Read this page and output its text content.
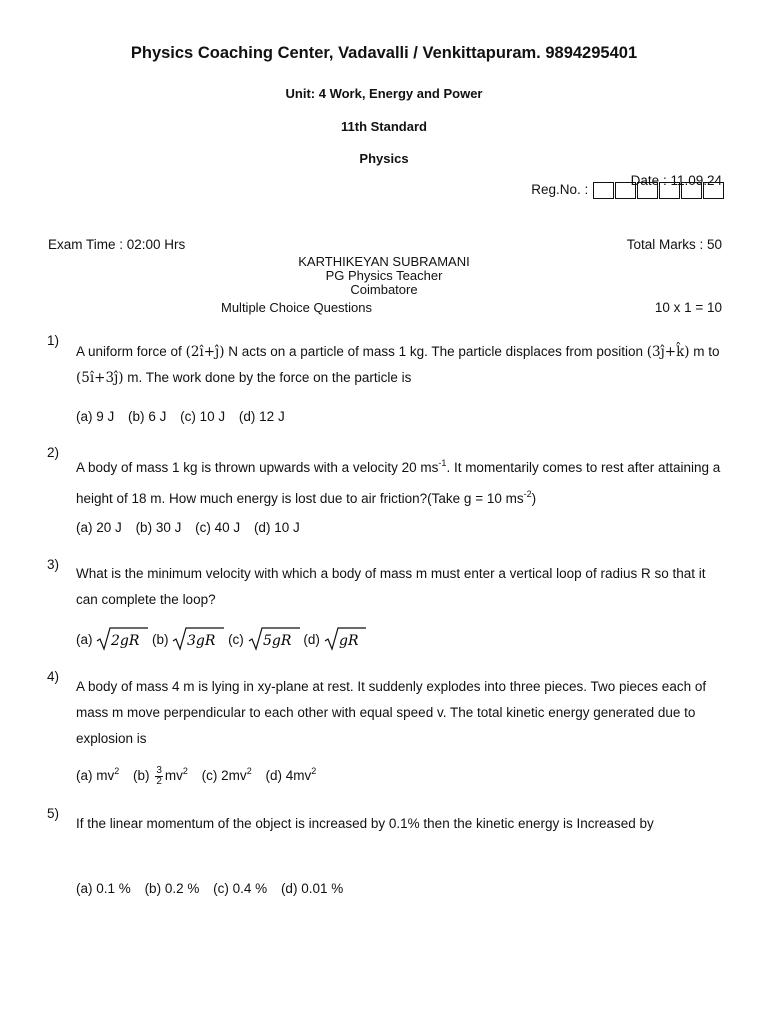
Physics Coaching Center, Vadavalli / Venkittapuram. 9894295401
Unit: 4 Work, Energy and Power
11th Standard
Physics
Date : 11.09.24
Reg.No. :
Exam Time : 02:00 Hrs	Total Marks : 50
KARTHIKEYAN SUBRAMANI
PG Physics Teacher
Coimbatore
Multiple Choice Questions	10 x 1 = 10
1)
A uniform force of (2î+ĵ) N acts on a particle of mass 1 kg. The particle displaces from position (3ĵ+k̂) m to (5î+3ĵ) m. The work done by the force on the particle is
(a) 9 J (b) 6 J (c) 10 J (d) 12 J
2)
A body of mass 1 kg is thrown upwards with a velocity 20 $ms^{-1}$. It momentarily comes to rest after attaining a height of 18 m. How much energy is lost due to air friction?(Take g = 10 $ms^{-2}$)
(a) 20 J (b) 30 J (c) 40 J (d) 10 J
3)
What is the minimum velocity with which a body of mass m must enter a vertical loop of radius R so that it can complete the loop?
(a) 2gR (b) 3gR (c) 5gR (d) gR
4)
A body of mass 4 m is lying in xy-plane at rest. It suddenly explodes into three pieces. Two pieces each of mass m move perpendicular to each other with equal speed v. The total kinetic energy generated due to explosion is
(a) $mv^2$ $(b) \frac{3}{2} mv^2$ (c) $2mv^2$ (d) $4mv^2$
5)
If the linear momentum of the object is increased by 0.1% then the kinetic energy is Increased by
(a) 0.1 % (b) 0.2 % (c) 0.4 % (d) 0.01 %
